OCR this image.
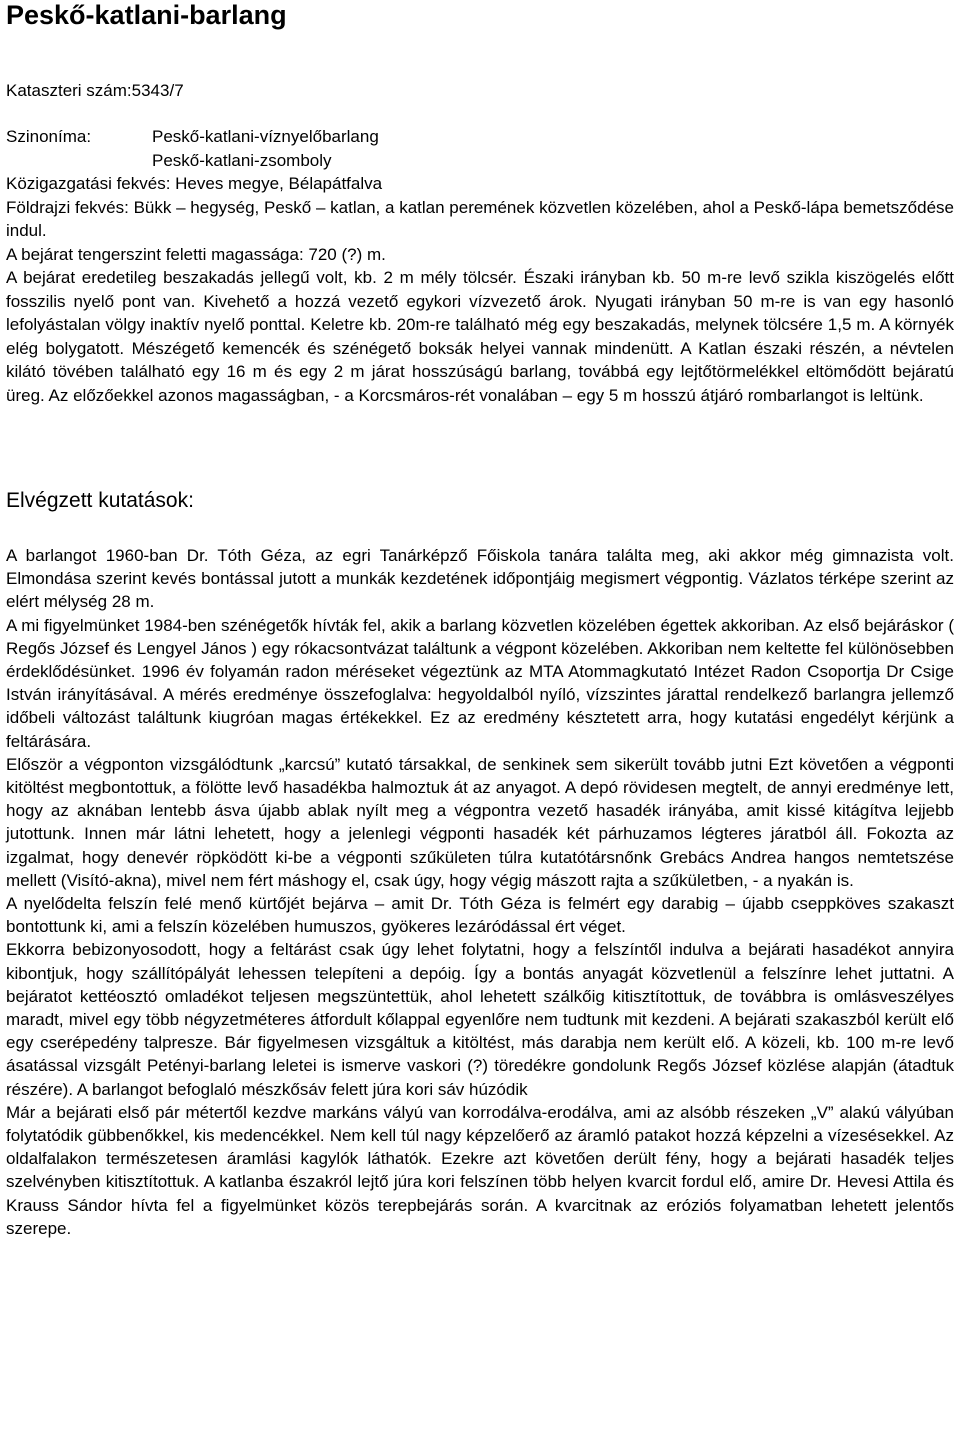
Peskő-katlani-barlang
Kataszteri szám:5343/7
Szinoníma:	Peskő-katlani-víznyelőbarlang
Peskő-katlani-zsomboly
Közigazgatási fekvés: Heves megye, Bélapátfalva
Földrajzi fekvés: Bükk – hegység, Peskő – katlan, a katlan peremének közvetlen közelében, ahol a Peskő-lápa bemetsződése indul.
A bejárat tengerszint feletti magassága: 720 (?) m.
A bejárat eredetileg beszakadás jellegű volt, kb. 2 m mély tölcsér. Északi irányban kb. 50 m-re levő szikla kiszögelés előtt fosszilis nyelő pont van. Kivehető a hozzá vezető egykori vízvezető árok. Nyugati irányban 50 m-re is van egy hasonló lefolyástalan völgy inaktív nyelő ponttal. Keletre kb. 20m-re található még egy beszakadás, melynek tölcsére 1,5 m. A környék elég bolygatott. Mészégető kemencék és szénégető boksák helyei vannak mindenütt. A Katlan északi részén, a névtelen kilátó tövében található egy 16 m és egy 2 m járat hosszúságú barlang, továbbá egy lejtőtörmelékkel eltömődött bejáratú üreg. Az előzőekkel azonos magasságban, - a Korcsmáros-rét vonalában – egy 5 m hosszú átjáró rombarlangot is leltünk.
Elvégzett kutatások:

A barlangot 1960-ban Dr. Tóth Géza, az egri Tanárképző Főiskola tanára találta meg, aki akkor még gimnazista volt. Elmondása szerint kevés bontással jutott a munkák kezdetének időpontjáig megismert végpontig. Vázlatos térképe szerint az elért mélység 28 m.

A mi figyelmünket 1984-ben szénégetők hívták fel, akik a barlang közvetlen közelében égettek akkoriban. Az első bejáráskor ( Regős József és Lengyel János ) egy rókacsontvázat találtunk a végpont közelében. Akkoriban nem keltette fel különösebben érdeklődésünket. 1996 év folyamán radon méréseket végeztünk az MTA Atommagkutató Intézet Radon Csoportja Dr Csige István irányításával. A mérés eredménye összefoglalva: hegyoldalból nyíló, vízszintes járattal rendelkező barlangra jellemző időbeli változást találtunk kiugróan magas értékekkel. Ez az eredmény késztetett arra, hogy kutatási engedélyt kérjünk a feltárására.

Először a végponton vizsgálódtunk „karcsú” kutató társakkal, de senkinek sem sikerült tovább jutni Ezt követően a végponti kitöltést megbontottuk, a fölötte levő hasadékba halmoztuk át az anyagot. A depó rövidesen megtelt, de annyi eredménye lett, hogy az aknában lentebb ásva újabb ablak nyílt meg a végpontra vezető hasadék irányába, amit kissé kitágítva lejjebb jutottunk. Innen már látni lehetett, hogy a jelenlegi végponti hasadék két párhuzamos légteres járatból áll. Fokozta az izgalmat, hogy denevér röpködött ki-be a végponti szűkületen túlra kutatótársnőnk Grebács Andrea hangos nemtetszése mellett (Visító-akna), mivel nem fért máshogy el, csak úgy, hogy végig mászott rajta a szűkületben, - a nyakán is.

A nyelődelta felszín felé menő kürtőjét bejárva – amit Dr. Tóth Géza is felmért egy darabig – újabb cseppköves szakaszt bontottunk ki, ami a felszín közelében humuszos, gyökeres lezáródással ért véget.

Ekkorra bebizonyosodott, hogy a feltárást csak úgy lehet folytatni, hogy a felszíntől indulva a bejárati hasadékot annyira kibontjuk, hogy szállítópályát lehessen telepíteni a depóig. Így a bontás anyagát közvetlenül a felszínre lehet juttatni. A bejáratot kettéosztó omladékot teljesen megszüntettük, ahol lehetett szálkőig kitisztítottuk, de továbbra is omlásveszélyes maradt, mivel egy több négyzetméteres átfordult kőlappal egyenlőre nem tudtunk mit kezdeni. A bejárati szakaszból került elő egy cserépedény talpresze. Bár figyelmesen vizsgáltuk a kitöltést, más darabja nem került elő. A közeli, kb. 100 m-re levő ásatással vizsgált Petényi-barlang leletei is ismerve vaskori (?) töredékre gondolunk Regős József közlése alapján (átadtuk részére). A barlangot befoglaló mészkősáv felett júra kori sáv húzódik

Már a bejárati első pár métertől kezdve markáns vályú van korrodálva-erodálva, ami az alsóbb részeken „V” alakú vályúban folytatódik gübbenőkkel, kis medencékkel. Nem kell túl nagy képzelőerő az áramló patakot hozzá képzelni a vízesésekkel. Az oldalfalakon természetesen áramlási kagylók láthatók. Ezekre azt követően derült fény, hogy a bejárati hasadék teljes szelvényben kitisztítottuk. A katlanba északról lejtő júra kori felszínen több helyen kvarcit fordul elő, amire Dr. Hevesi Attila és Krauss Sándor hívta fel a figyelmünket közös terepbejárás során. A kvarcitnak az eróziós folyamatban lehetett jelentős szerepe.
